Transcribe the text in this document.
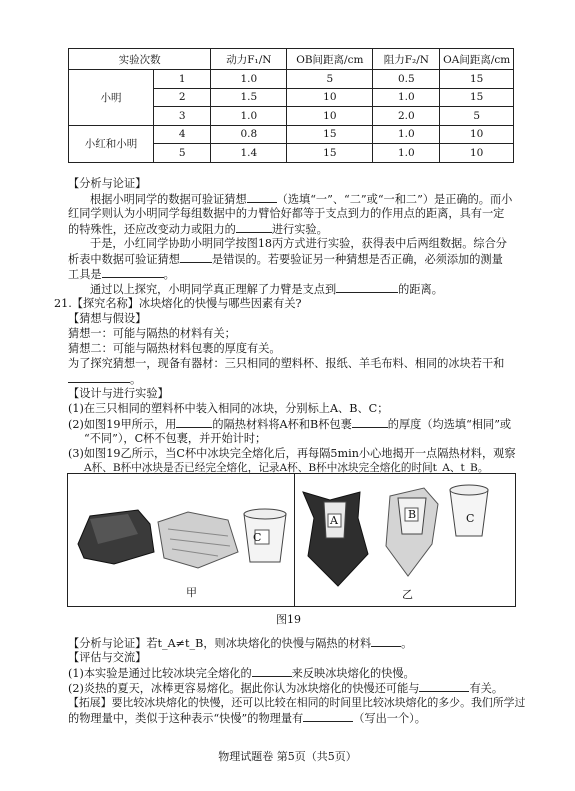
实验次数		动力F₁/N	OB间距离/cm	阻力F₂/N	OA间距离/cm
小明	1	1.0	5	0.5	15
	2	1.5	10	1.0	15
	3	1.0	10	2.0	5
小红和小明	4	0.8	15	1.0	10
	5	1.4	15	1.0	10
【分析与论证】
根据小明同学的数据可验证猜想	（选填“一”、“二”或“一和二”）是正确的。而小
红同学则认为小明同学每组数据中的力臂恰好都等于支点到力的作用点的距离，具有一定
的特殊性，还应改变动力或阻力的	进行实验。
于是，小红同学协助小明同学按图18丙方式进行实验，获得表中后两组数据。综合分
析表中数据可验证猜想	是错误的。若要验证另一种猜想是否正确，必须添加的测量
工具是	。
通过以上探究，小明同学真正理解了力臂是支点到	的距离。
21.【探究名称】冰块熔化的快慢与哪些因素有关?
【猜想与假设】
猜想一：可能与隔热的材料有关；
猜想二：可能与隔热材料包裹的厚度有关。
为了探究猜想一，现备有器材：三只相同的塑料杯、报纸、羊毛布料、相同的冰块若干和
。
【设计与进行实验】
(1)在三只相同的塑料杯中装入相同的冰块，分别标上A、B、C；
(2)如图19甲所示，用	的隔热材料将A杯和B杯包裹	的厚度（均选填“相同”或
“不同”），C杯不包裹，并开始计时；
(3)如图19乙所示，当C杯中冰块完全熔化后，再每隔5min小心地揭开一点隔热材料，观察
A杯、B杯中冰块是否已经完全熔化，记录A杯、B杯中冰块完全熔化的时间t_A、t_B。
C
A	B	C
甲	乙
图19
【分析与论证】若t_A≠t_B，则冰块熔化的快慢与隔热的材料	。
【评估与交流】
(1)本实验是通过比较冰块完全熔化的	来反映冰块熔化的快慢。
(2)炎热的夏天，冰棒更容易熔化。据此你认为冰块熔化的快慢还可能与	有关。
【拓展】要比较冰块熔化的快慢，还可以比较在相同的时间里比较冰块熔化的多少。我们所学过
的物理量中，类似于这种表示“快慢”的物理量有	（写出一个）。
物理试题卷 第5页（共5页）
